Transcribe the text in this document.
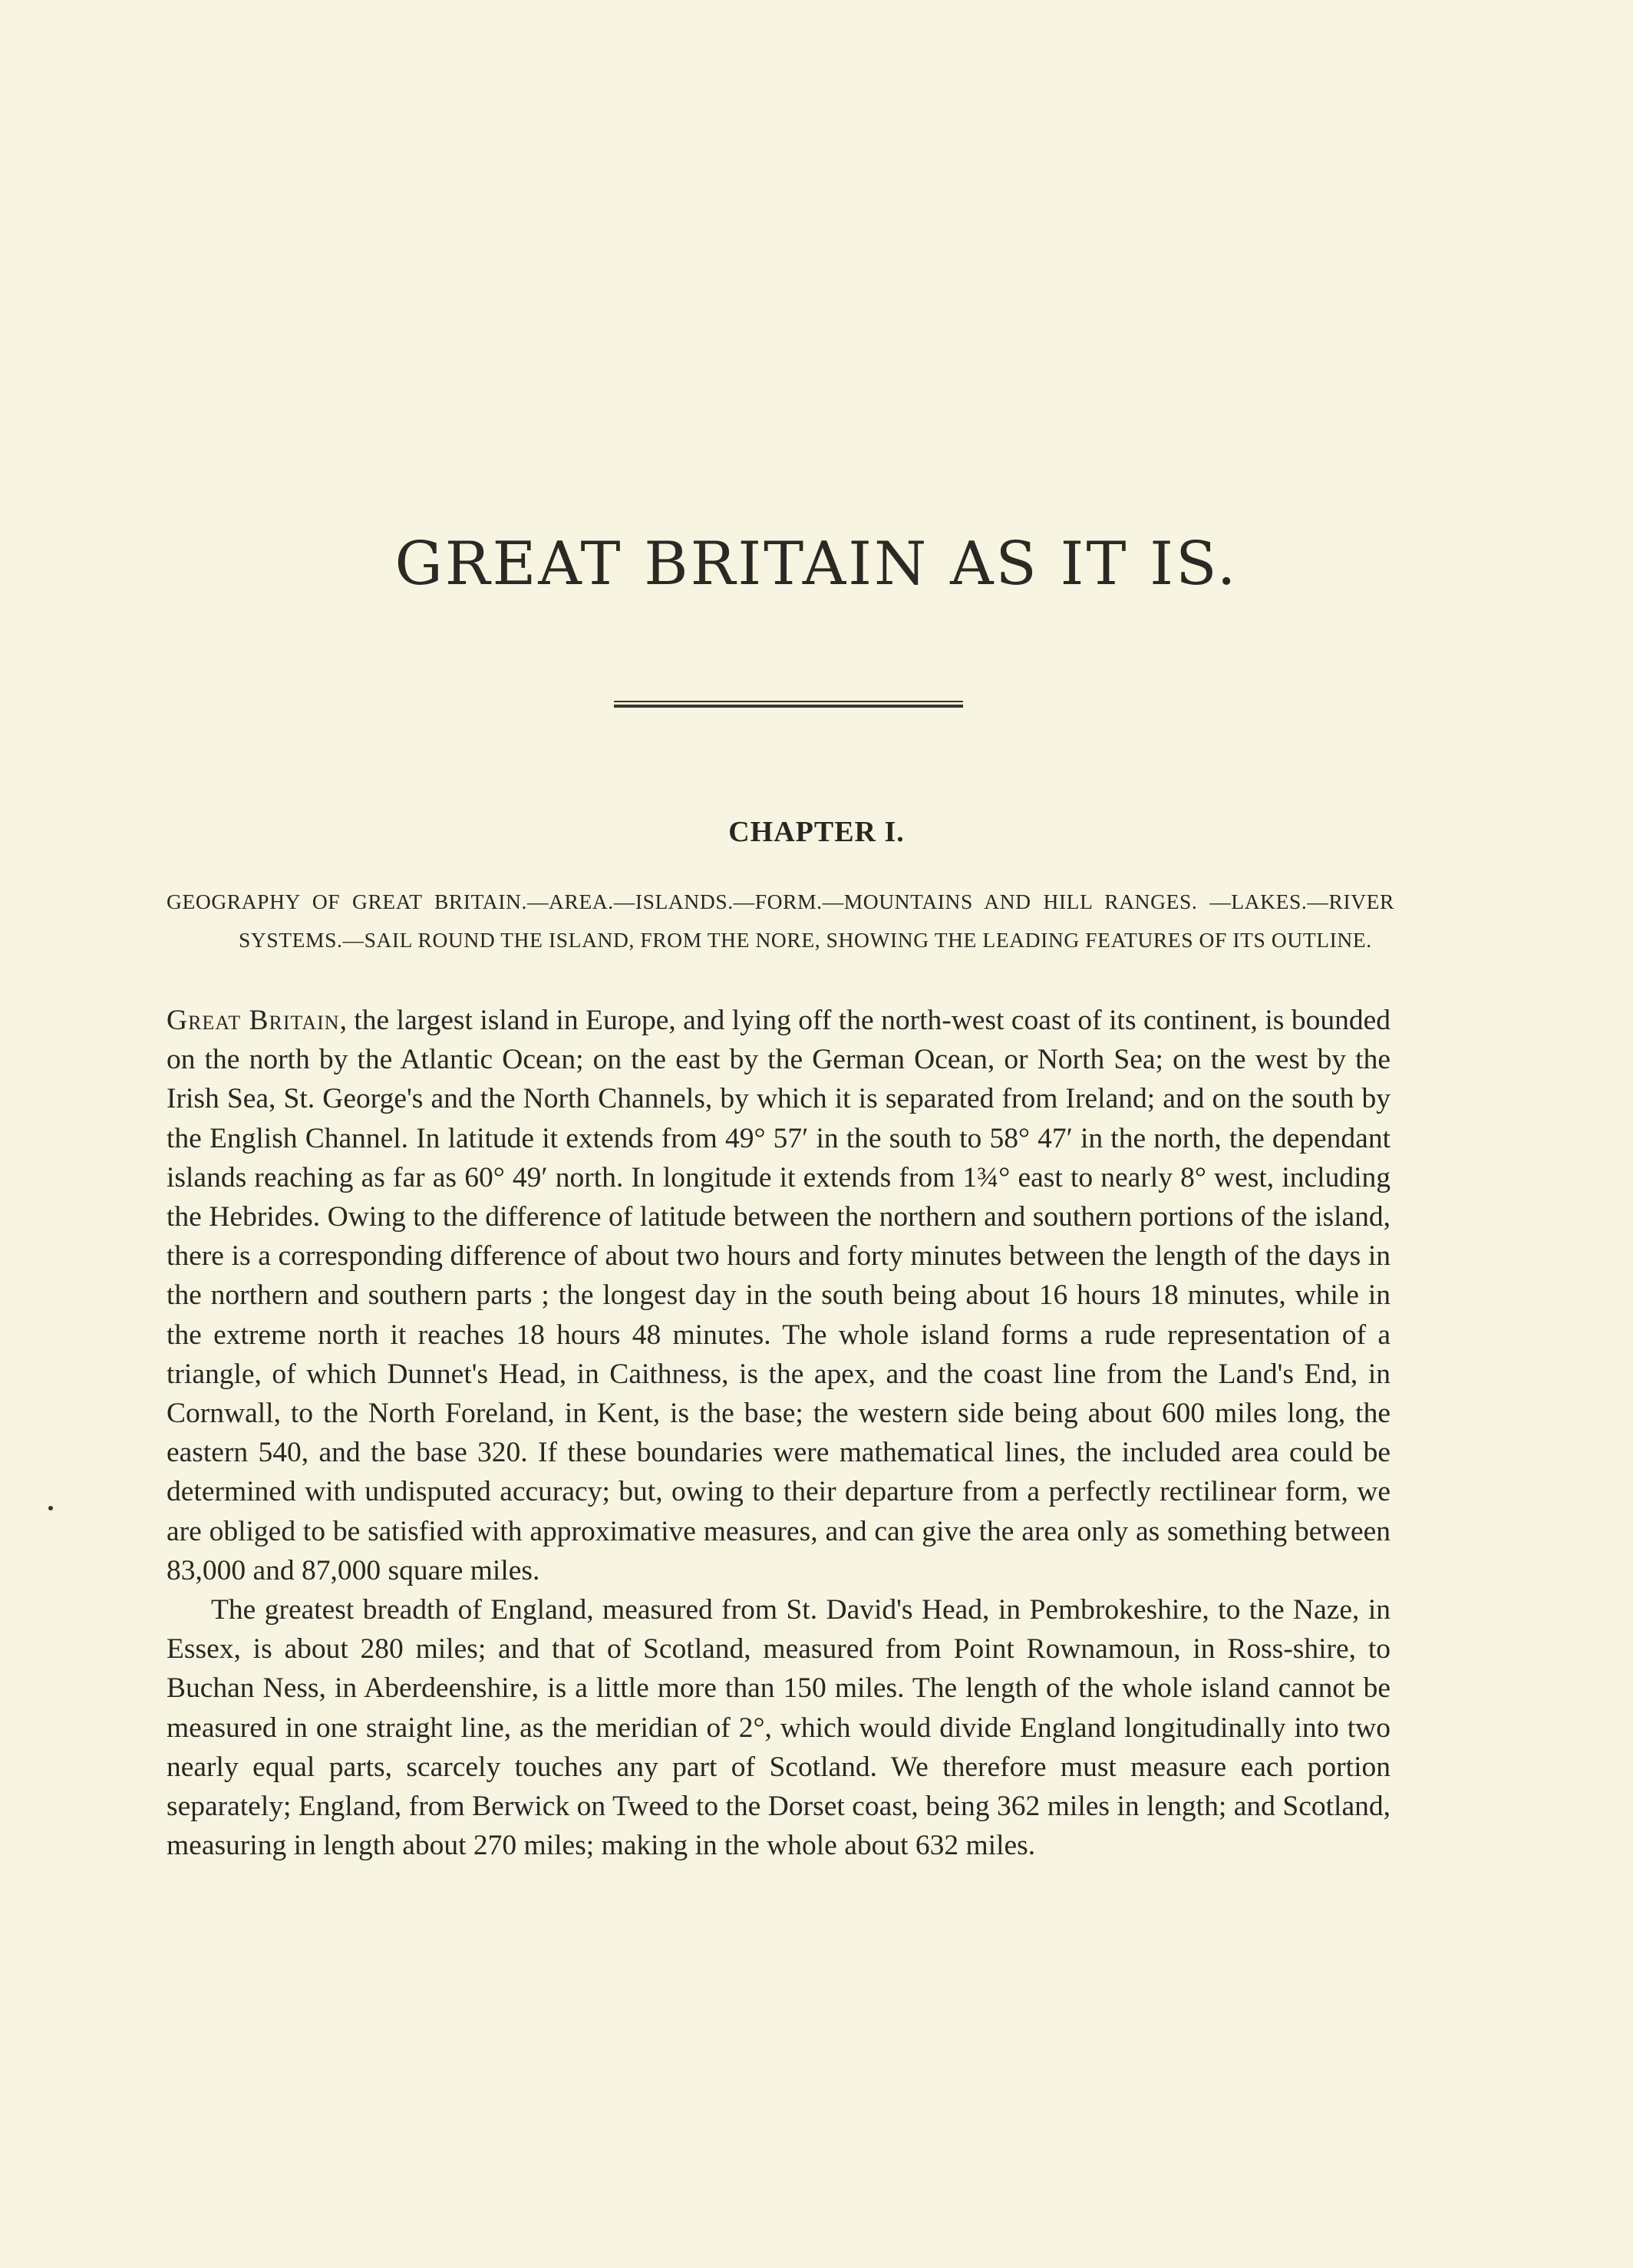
GREAT BRITAIN AS IT IS.
CHAPTER I.

GEOGRAPHY OF GREAT BRITAIN.—AREA.—ISLANDS.—FORM.—MOUNTAINS AND HILL RANGES. —LAKES.—RIVER SYSTEMS.—SAIL ROUND THE ISLAND, FROM THE NORE, SHOWING THE LEADING FEATURES OF ITS OUTLINE.

Great Britain, the largest island in Europe, and lying off the north-west coast of its continent, is bounded on the north by the Atlantic Ocean; on the east by the German Ocean, or North Sea; on the west by the Irish Sea, St. George's and the North Channels, by which it is separated from Ireland; and on the south by the English Channel. In latitude it extends from 49° 57′ in the south to 58° 47′ in the north, the dependant islands reaching as far as 60° 49′ north. In longitude it extends from 1¾° east to nearly 8° west, including the Hebrides. Owing to the difference of latitude between the northern and southern portions of the island, there is a corresponding difference of about two hours and forty minutes between the length of the days in the northern and southern parts ; the longest day in the south being about 16 hours 18 minutes, while in the extreme north it reaches 18 hours 48 minutes. The whole island forms a rude representation of a triangle, of which Dunnet's Head, in Caithness, is the apex, and the coast line from the Land's End, in Cornwall, to the North Foreland, in Kent, is the base; the western side being about 600 miles long, the eastern 540, and the base 320. If these boundaries were mathematical lines, the included area could be determined with undisputed accuracy; but, owing to their departure from a perfectly rectilinear form, we are obliged to be satisfied with approximative measures, and can give the area only as something between 83,000 and 87,000 square miles.

The greatest breadth of England, measured from St. David's Head, in Pembrokeshire, to the Naze, in Essex, is about 280 miles; and that of Scotland, measured from Point Rownamoun, in Ross-shire, to Buchan Ness, in Aberdeenshire, is a little more than 150 miles. The length of the whole island cannot be measured in one straight line, as the meridian of 2°, which would divide England longitudinally into two nearly equal parts, scarcely touches any part of Scotland. We therefore must measure each portion separately; England, from Berwick on Tweed to the Dorset coast, being 362 miles in length; and Scotland, measuring in length about 270 miles; making in the whole about 632 miles.
